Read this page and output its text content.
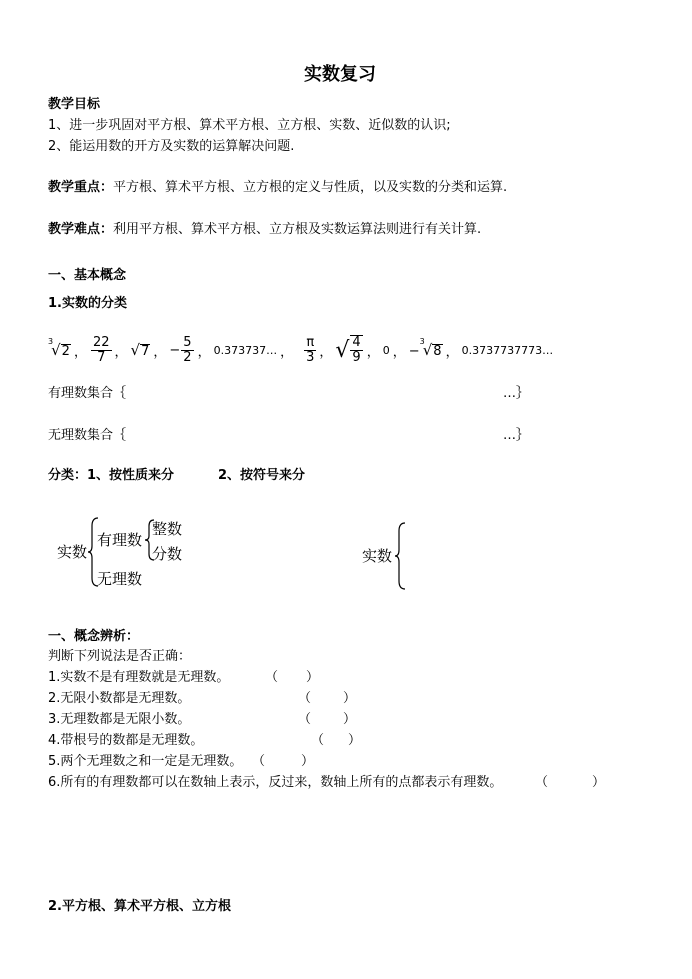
实数复习
教学目标
1、进一步巩固对平方根、算术平方根、立方根、实数、近似数的认识;
2、能运用数的开方及实数的运算解决问题.
教学重点：平方根、算术平方根、立方根的定义与性质，以及实数的分类和运算.
教学难点：利用平方根、算术平方根、立方根及实数运算法则进行有关计算.
一、基本概念
1.实数的分类
$^3$√2 ， $\frac{22}{7}$ ， √7 ， − $\frac{5}{2}$ ， 0.373737… ， $\frac{\pi}{3}$ ， √ $\frac{4}{9}$ ， 0 ， −$^3$√8 ， 0.3737737773…
有理数集合｛	…｝
无理数集合｛	…｝
分类：1、按性质来分	2、按符号来分
实数
有理数
整数
分数
无理数
实数
一、概念辨析：
判断下列说法是否正确：
1.实数不是有理数就是无理数。	（ ）
2.无限小数都是无理数。	（ ）
3.无理数都是无限小数。	（ ）
4.带根号的数都是无理数。	（ ）
5.两个无理数之和一定是无理数。 （	）
6.所有的有理数都可以在数轴上表示，反过来，数轴上所有的点都表示有理数。	（	）
2.平方根、算术平方根、立方根
